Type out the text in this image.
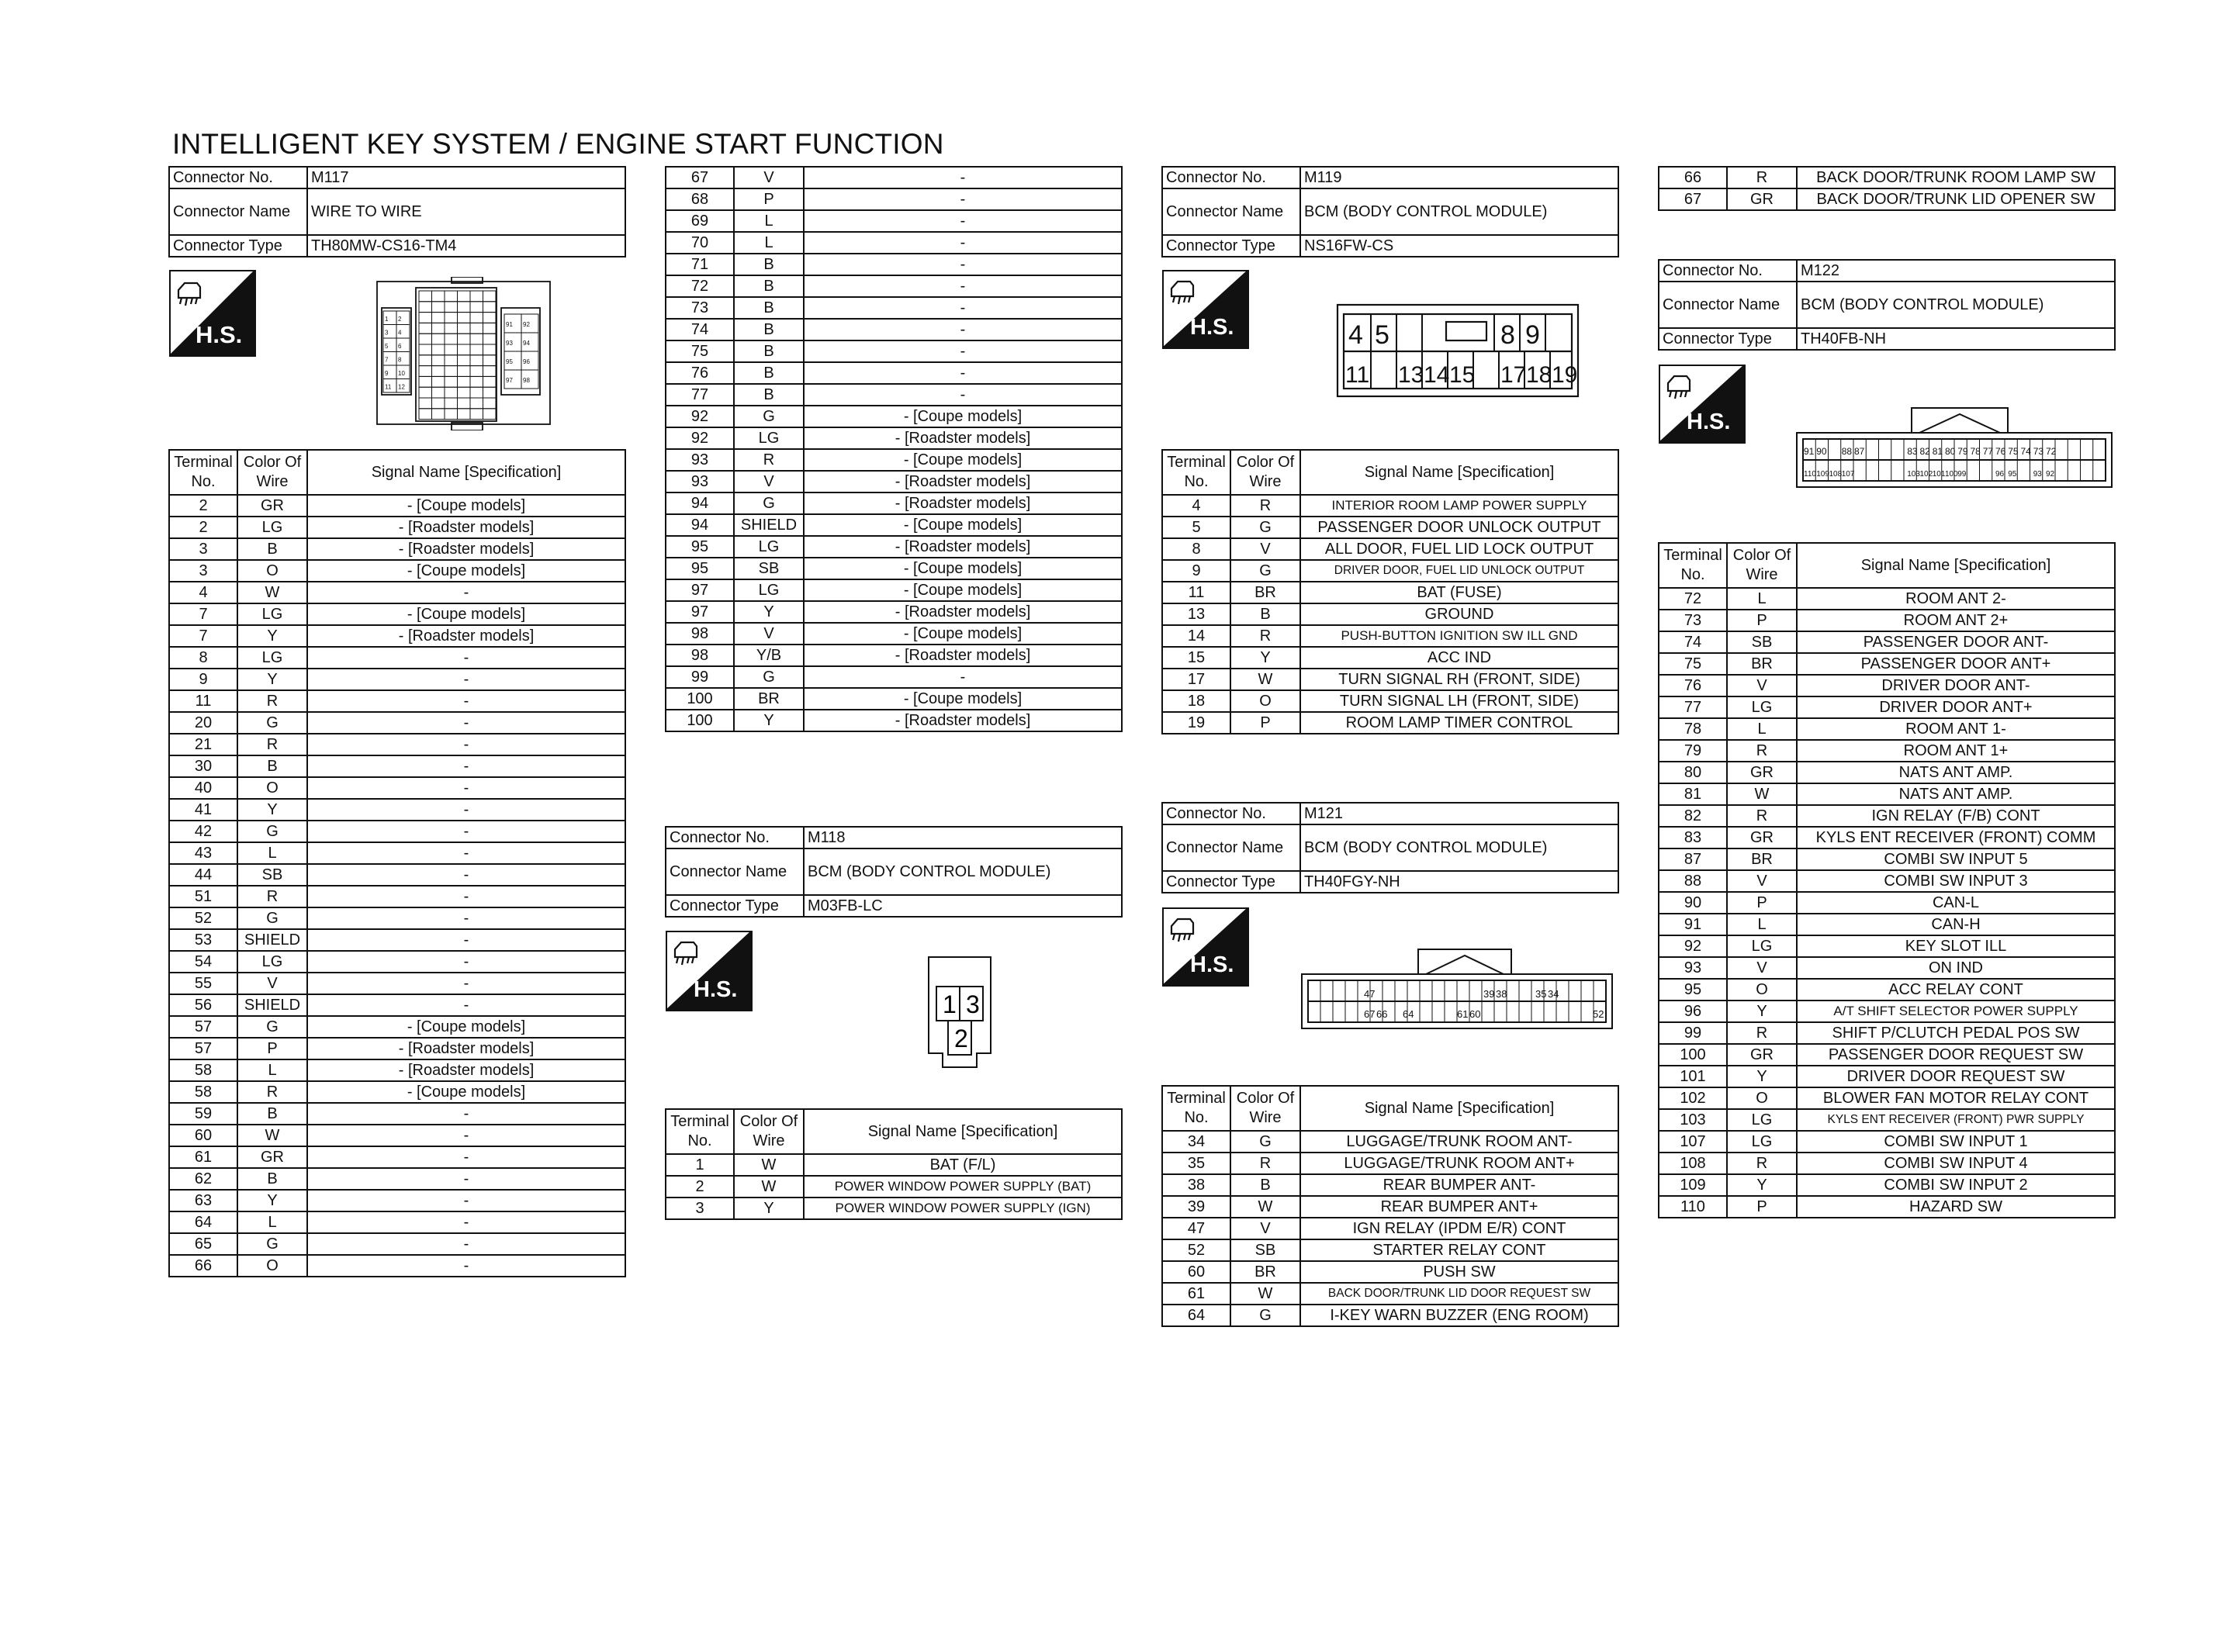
INTELLIGENT KEY SYSTEM / ENGINE START FUNCTION
Connector No.	M117
Connector Name	WIRE TO WIRE
Connector Type	TH80MW-CS16-TM4
H.S.
1 2
3 4
5 6
7 8
9 10
11 12
91 92
93 94
95 96
97 98
Terminal No.	Color Of Wire	Signal Name [Specification]
2	GR	- [Coupe models]
2	LG	- [Roadster models]
3	B	- [Roadster models]
3	O	- [Coupe models]
4	W	-
7	LG	- [Coupe models]
7	Y	- [Roadster models]
8	LG	-
9	Y	-
11	R	-
20	G	-
21	R	-
30	B	-
40	O	-
41	Y	-
42	G	-
43	L	-
44	SB	-
51	R	-
52	G	-
53	SHIELD	-
54	LG	-
55	V	-
56	SHIELD	-
57	G	- [Coupe models]
57	P	- [Roadster models]
58	L	- [Roadster models]
58	R	- [Coupe models]
59	B	-
60	W	-
61	GR	-
62	B	-
63	Y	-
64	L	-
65	G	-
66	O	-
67	V	-
68	P	-
69	L	-
70	L	-
71	B	-
72	B	-
73	B	-
74	B	-
75	B	-
76	B	-
77	B	-
92	G	- [Coupe models]
92	LG	- [Roadster models]
93	R	- [Coupe models]
93	V	- [Roadster models]
94	G	- [Roadster models]
94	SHIELD	- [Coupe models]
95	LG	- [Roadster models]
95	SB	- [Coupe models]
97	LG	- [Coupe models]
97	Y	- [Roadster models]
98	V	- [Coupe models]
98	Y/B	- [Roadster models]
99	G	-
100	BR	- [Coupe models]
100	Y	- [Roadster models]
Connector No.	M118
Connector Name	BCM (BODY CONTROL MODULE)
Connector Type	M03FB-LC
H.S.
1 3
2
Terminal No.	Color Of Wire	Signal Name [Specification]
1	W	BAT (F/L)
2	W	POWER WINDOW POWER SUPPLY (BAT)
3	Y	POWER WINDOW POWER SUPPLY (IGN)
Connector No.	M119
Connector Name	BCM (BODY CONTROL MODULE)
Connector Type	NS16FW-CS
H.S.	4 5	8 9
11 13 14 15 17 18 19
Terminal No.	Color Of Wire	Signal Name [Specification]
4	R	INTERIOR ROOM LAMP POWER SUPPLY
5	G	PASSENGER DOOR UNLOCK OUTPUT
8	V	ALL DOOR, FUEL LID LOCK OUTPUT
9	G	DRIVER DOOR, FUEL LID UNLOCK OUTPUT
11	BR	BAT (FUSE)
13	B	GROUND
14	R	PUSH-BUTTON IGNITION SW ILL GND
15	Y	ACC IND
17	W	TURN SIGNAL RH (FRONT, SIDE)
18	O	TURN SIGNAL LH (FRONT, SIDE)
19	P	ROOM LAMP TIMER CONTROL
Connector No.	M121
Connector Name	BCM (BODY CONTROL MODULE)
Connector Type	TH40FGY-NH
H.S.
47	39 38	35 34
67 66 64	61 60	52
Terminal No.	Color Of Wire	Signal Name [Specification]
34	G	LUGGAGE/TRUNK ROOM ANT-
35	R	LUGGAGE/TRUNK ROOM ANT+
38	B	REAR BUMPER ANT-
39	W	REAR BUMPER ANT+
47	V	IGN RELAY (IPDM E/R) CONT
52	SB	STARTER RELAY CONT
60	BR	PUSH SW
61	W	BACK DOOR/TRUNK LID DOOR REQUEST SW
64	G	I-KEY WARN BUZZER (ENG ROOM)
66	R	BACK DOOR/TRUNK ROOM LAMP SW
67	GR	BACK DOOR/TRUNK LID OPENER SW
Connector No.	M122
Connector Name	BCM (BODY CONTROL MODULE)
Connector Type	TH40FB-NH
H.S.
91 90 88 87	83 82 81 80 79 78 77 76 75 74 73 72
110 109 108 107	103 102 101 100 99	96 95 93 92
Terminal No.	Color Of Wire	Signal Name [Specification]
72	L	ROOM ANT 2-
73	P	ROOM ANT 2+
74	SB	PASSENGER DOOR ANT-
75	BR	PASSENGER DOOR ANT+
76	V	DRIVER DOOR ANT-
77	LG	DRIVER DOOR ANT+
78	L	ROOM ANT 1-
79	R	ROOM ANT 1+
80	GR	NATS ANT AMP.
81	W	NATS ANT AMP.
82	R	IGN RELAY (F/B) CONT
83	GR	KYLS ENT RECEIVER (FRONT) COMM
87	BR	COMBI SW INPUT 5
88	V	COMBI SW INPUT 3
90	P	CAN-L
91	L	CAN-H
92	LG	KEY SLOT ILL
93	V	ON IND
95	O	ACC RELAY CONT
96	Y	A/T SHIFT SELECTOR POWER SUPPLY
99	R	SHIFT P/CLUTCH PEDAL POS SW
100	GR	PASSENGER DOOR REQUEST SW
101	Y	DRIVER DOOR REQUEST SW
102	O	BLOWER FAN MOTOR RELAY CONT
103	LG	KYLS ENT RECEIVER (FRONT) PWR SUPPLY
107	LG	COMBI SW INPUT 1
108	R	COMBI SW INPUT 4
109	Y	COMBI SW INPUT 2
110	P	HAZARD SW
